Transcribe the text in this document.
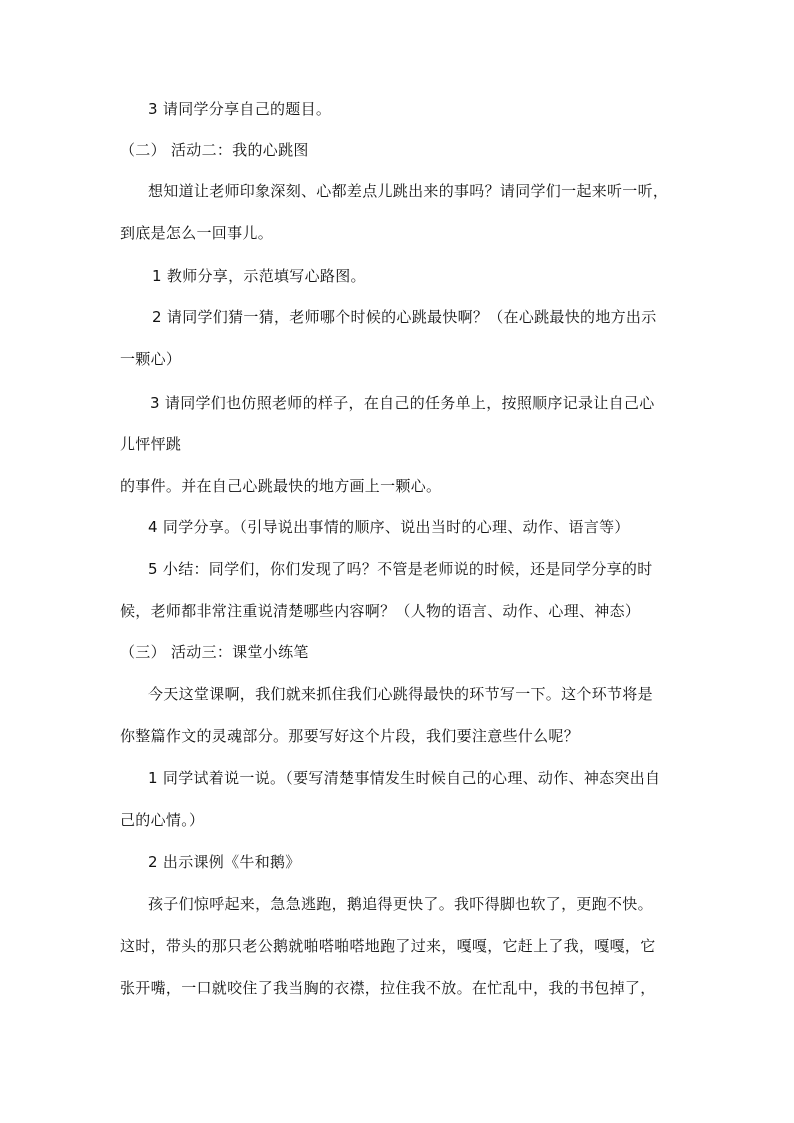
3 请同学分享自己的题目。
（二） 活动二：我的心跳图
想知道让老师印象深刻、心都差点儿跳出来的事吗？请同学们一起来听一听，
到底是怎么一回事儿。
1 教师分享，示范填写心路图。
2 请同学们猜一猜，老师哪个时候的心跳最快啊？（在心跳最快的地方出示
一颗心）
3 请同学们也仿照老师的样子，在自己的任务单上，按照顺序记录让自己心
儿怦怦跳
的事件。并在自己心跳最快的地方画上一颗心。
4 同学分享。（引导说出事情的顺序、说出当时的心理、动作、语言等）
5 小结：同学们，你们发现了吗？不管是老师说的时候，还是同学分享的时
候，老师都非常注重说清楚哪些内容啊？（人物的语言、动作、心理、神态）
（三） 活动三：课堂小练笔
今天这堂课啊，我们就来抓住我们心跳得最快的环节写一下。这个环节将是
你整篇作文的灵魂部分。那要写好这个片段，我们要注意些什么呢？
1 同学试着说一说。（要写清楚事情发生时候自己的心理、动作、神态突出自
己的心情。）
2 出示课例《牛和鹅》
孩子们惊呼起来，急急逃跑，鹅追得更快了。我吓得脚也软了，更跑不快。
这时，带头的那只老公鹅就啪嗒啪嗒地跑了过来，嘎嘎，它赶上了我，嘎嘎，它
张开嘴，一口就咬住了我当胸的衣襟，拉住我不放。在忙乱中，我的书包掉了，
